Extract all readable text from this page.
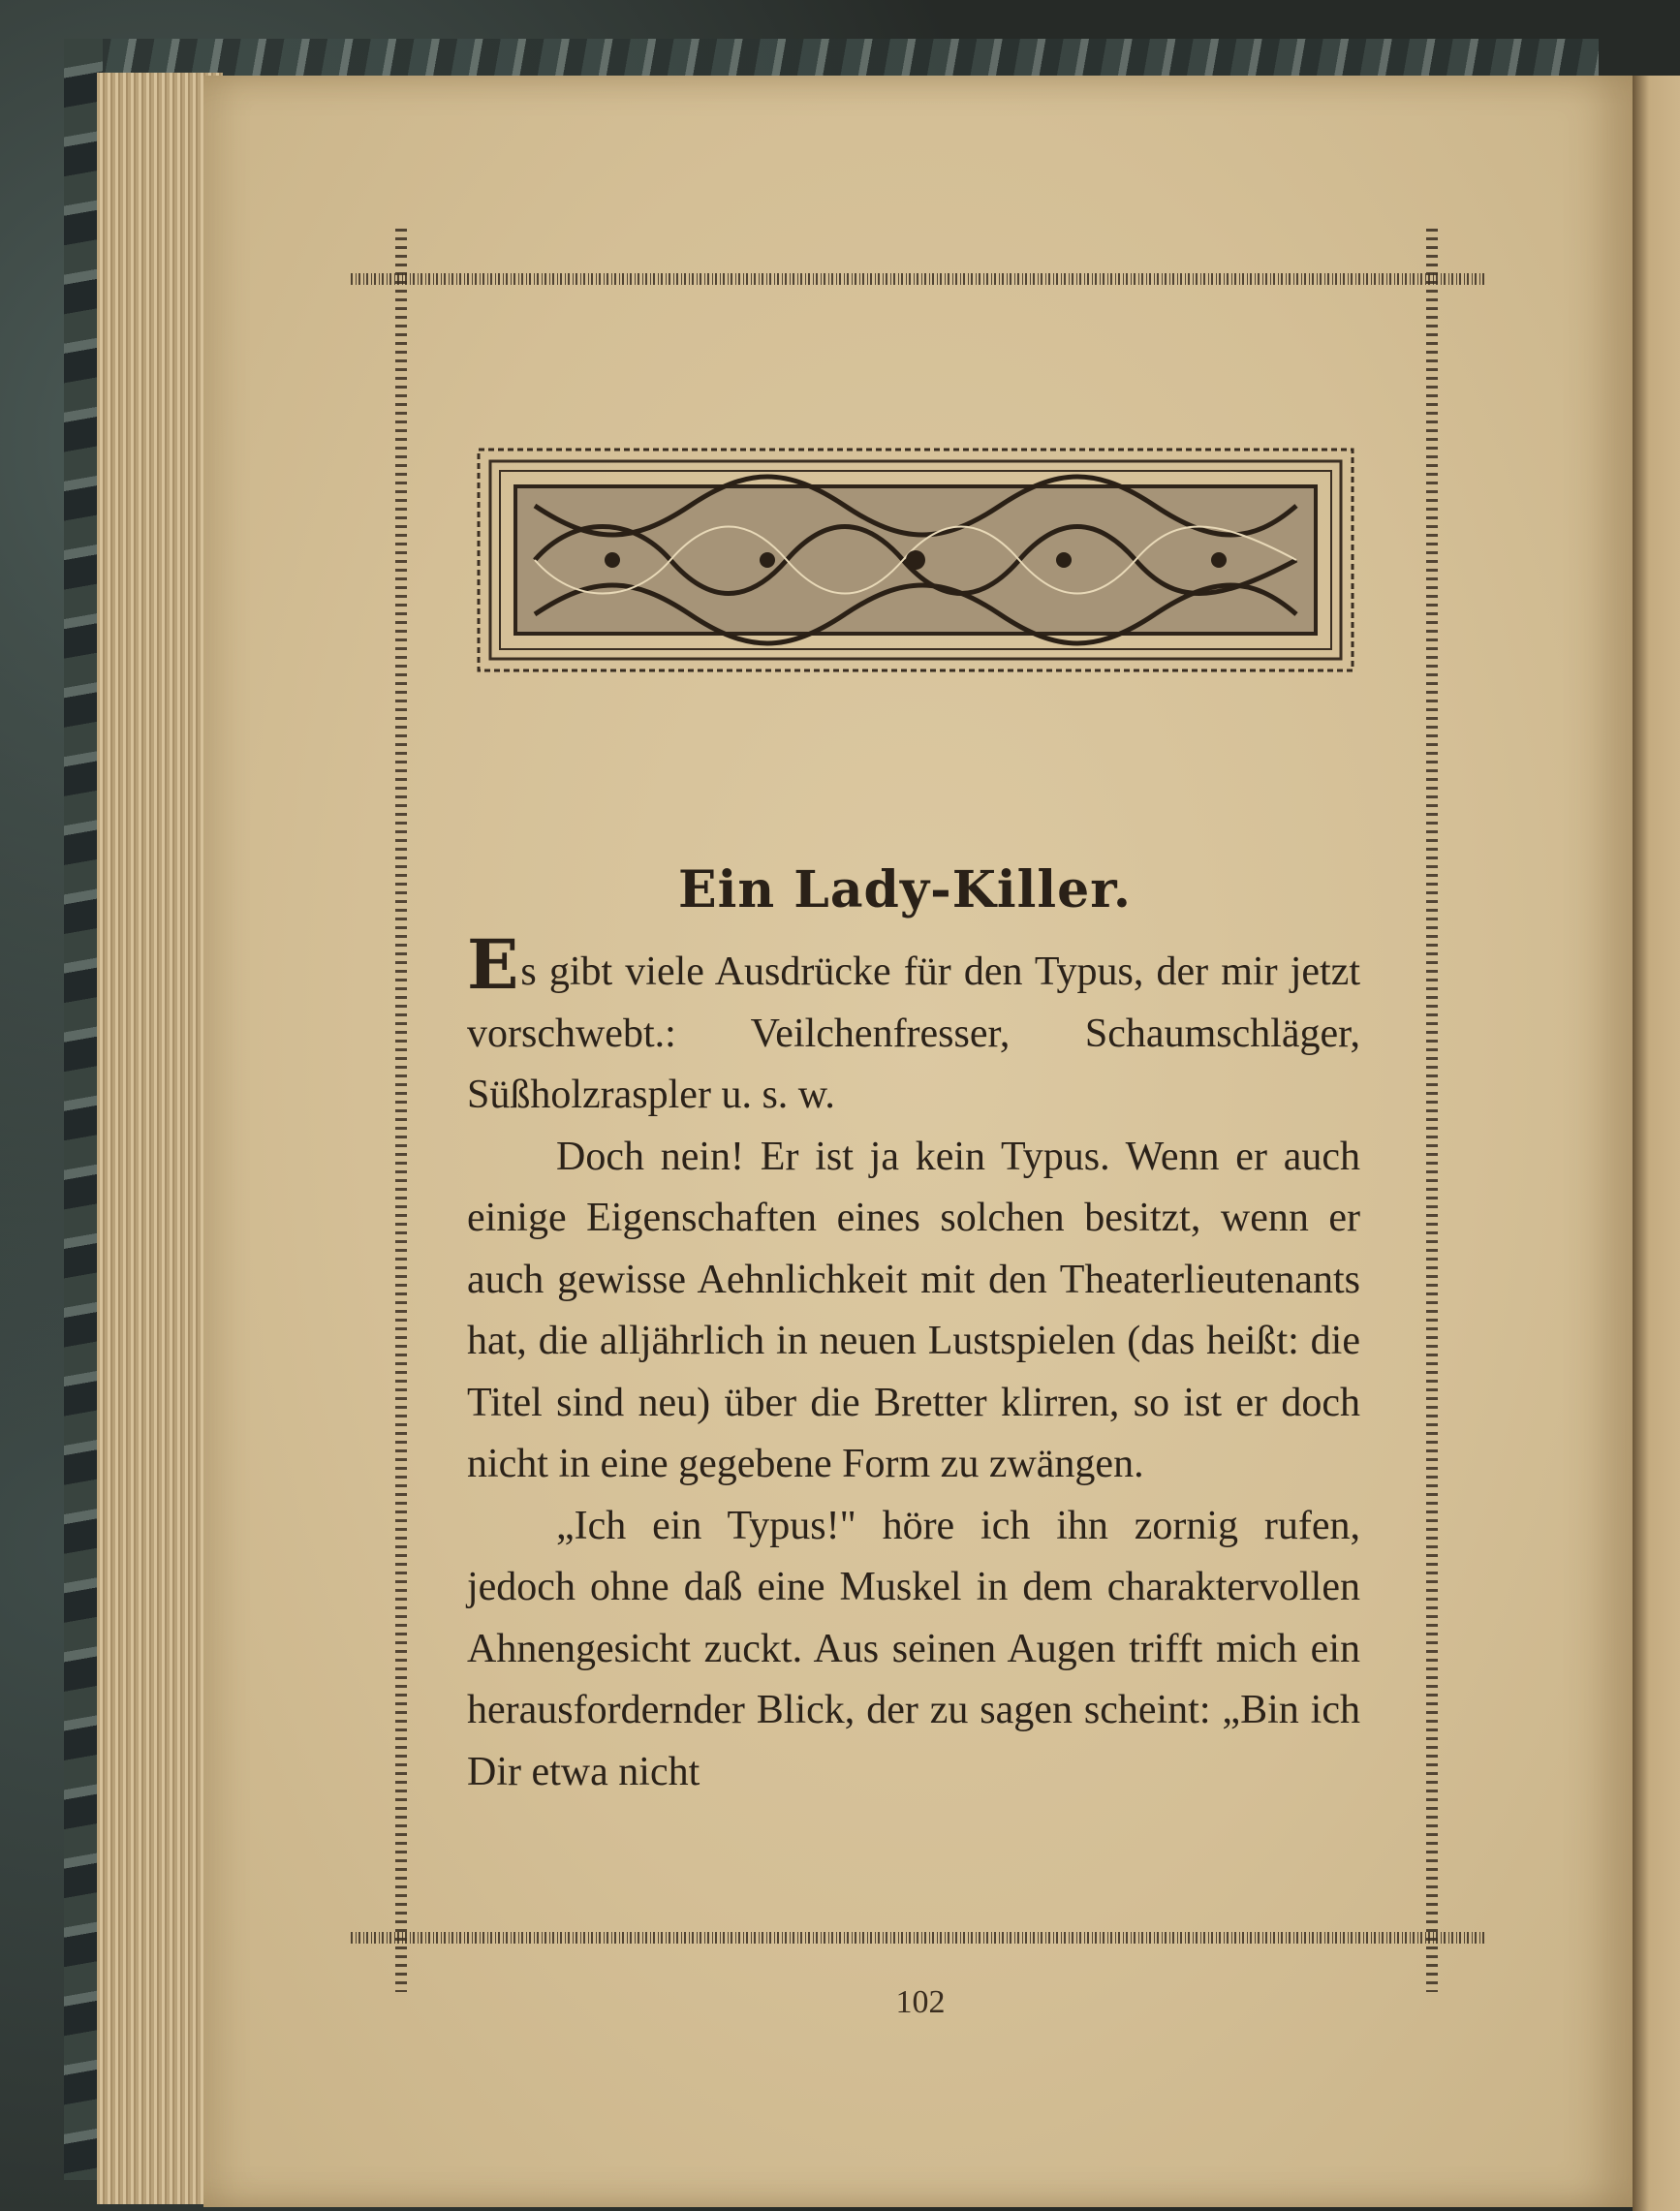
Ein Lady-Killer.

Es gibt viele Ausdrücke für den Typus, der mir jetzt vorschwebt.: Veilchenfresser, Schaumschläger, Süßholzraspler u. s. w.

Doch nein! Er ist ja kein Typus. Wenn er auch einige Eigenschaften eines solchen besitzt, wenn er auch gewisse Aehnlichkeit mit den Theaterlieutenants hat, die alljährlich in neuen Lustspielen (das heißt: die Titel sind neu) über die Bretter klirren, so ist er doch nicht in eine gegebene Form zu zwängen.

„Ich ein Typus!" höre ich ihn zornig rufen, jedoch ohne daß eine Muskel in dem charaktervollen Ahnengesicht zuckt. Aus seinen Augen trifft mich ein herausfordernder Blick, der zu sagen scheint: „Bin ich Dir etwa nicht

102
